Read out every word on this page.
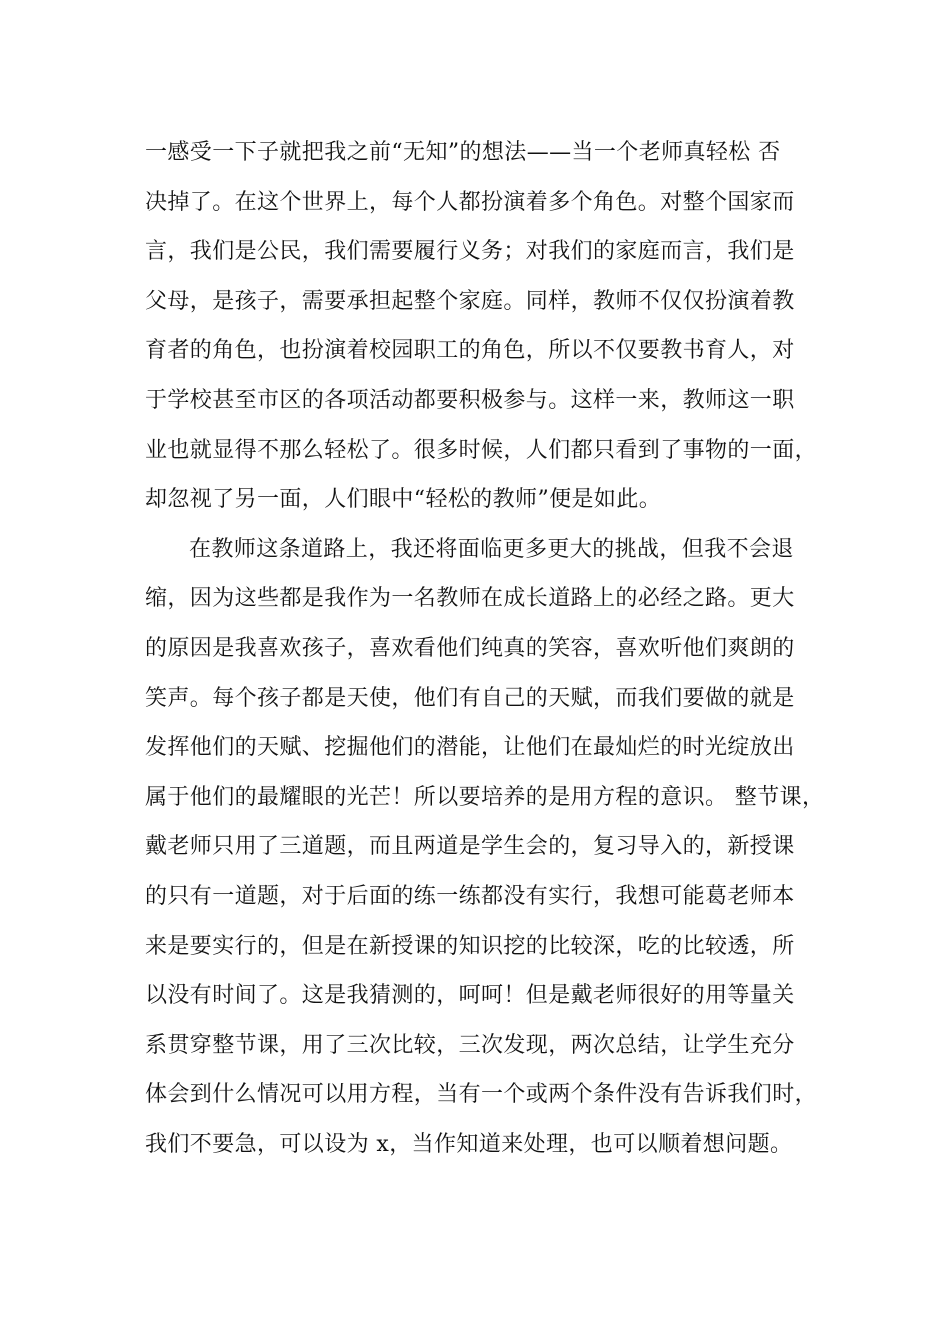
一感受一下子就把我之前“无知”的想法——当一个老师真轻松 否

决掉了。在这个世界上，每个人都扮演着多个角色。对整个国家而

言，我们是公民，我们需要履行义务；对我们的家庭而言，我们是

父母，是孩子，需要承担起整个家庭。同样，教师不仅仅扮演着教

育者的角色，也扮演着校园职工的角色，所以不仅要教书育人，对

于学校甚至市区的各项活动都要积极参与。这样一来，教师这一职

业也就显得不那么轻松了。很多时候，人们都只看到了事物的一面，

却忽视了另一面，人们眼中“轻松的教师”便是如此。

在教师这条道路上，我还将面临更多更大的挑战，但我不会退

缩，因为这些都是我作为一名教师在成长道路上的必经之路。更大

的原因是我喜欢孩子，喜欢看他们纯真的笑容，喜欢听他们爽朗的

笑声。每个孩子都是天使，他们有自己的天赋，而我们要做的就是

发挥他们的天赋、挖掘他们的潜能，让他们在最灿烂的时光绽放出

属于他们的最耀眼的光芒！所以要培养的是用方程的意识。 整节课，

戴老师只用了三道题，而且两道是学生会的，复习导入的，新授课

的只有一道题，对于后面的练一练都没有实行，我想可能葛老师本

来是要实行的，但是在新授课的知识挖的比较深，吃的比较透，所

以没有时间了。这是我猜测的，呵呵！但是戴老师很好的用等量关

系贯穿整节课，用了三次比较，三次发现，两次总结，让学生充分

体会到什么情况可以用方程，当有一个或两个条件没有告诉我们时，

我们不要急，可以设为 x，当作知道来处理，也可以顺着想问题。
